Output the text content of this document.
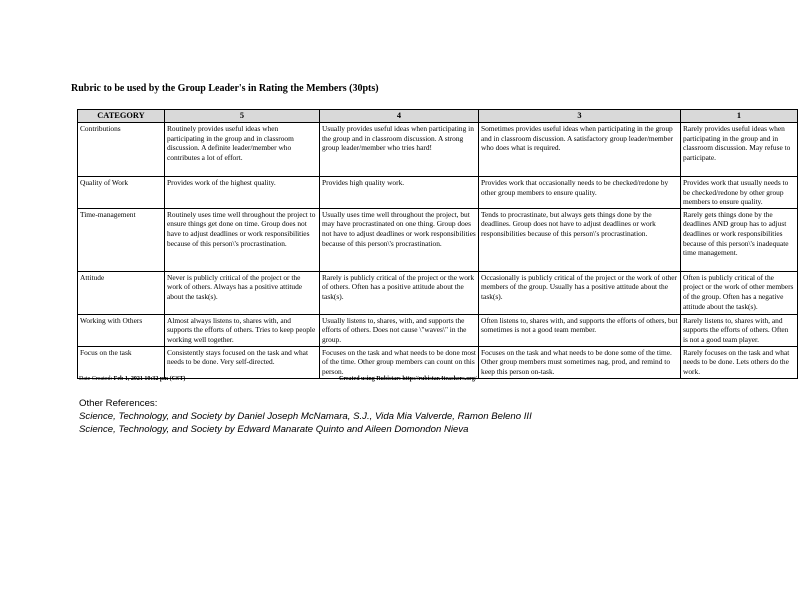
Rubric to be used by the Group Leader's in Rating the Members (30pts)
CATEGORY	5	4	3	1
Contributions	Routinely provides useful ideas when participating in the group and in classroom discussion. A definite leader/member who contributes a lot of effort.	Usually provides useful ideas when participating in the group and in classroom discussion. A strong group leader/member who tries hard!	Sometimes provides useful ideas when participating in the group and in classroom discussion. A satisfactory group leader/member who does what is required.	Rarely provides useful ideas when participating in the group and in classroom discussion. May refuse to participate.
Quality of Work	Provides work of the highest quality.	Provides high quality work.	Provides work that occasionally needs to be checked/redone by other group members to ensure quality.	Provides work that usually needs to be checked/redone by other group members to ensure quality.
Time-management	Routinely uses time well throughout the project to ensure things get done on time. Group does not have to adjust deadlines or work responsibilities because of this person\'s procrastination.	Usually uses time well throughout the project, but may have procrastinated on one thing. Group does not have to adjust deadlines or work responsibilities because of this person\'s procrastination.	Tends to procrastinate, but always gets things done by the deadlines. Group does not have to adjust deadlines or work responsibilities because of this person\'s procrastination.	Rarely gets things done by the deadlines AND group has to adjust deadlines or work responsibilities because of this person\'s inadequate time management.
Attitude	Never is publicly critical of the project or the work of others. Always has a positive attitude about the task(s).	Rarely is publicly critical of the project or the work of others. Often has a positive attitude about the task(s).	Occasionally is publicly critical of the project or the work of other members of the group. Usually has a positive attitude about the task(s).	Often is publicly critical of the project or the work of other members of the group. Often has a negative attitude about the task(s).
Working with Others	Almost always listens to, shares with, and supports the efforts of others. Tries to keep people working well together.	Usually listens to, shares, with, and supports the efforts of others. Does not cause \"waves\" in the group.	Often listens to, shares with, and supports the efforts of others, but sometimes is not a good team member.	Rarely listens to, shares with, and supports the efforts of others. Often is not a good team player.
Focus on the task	Consistently stays focused on the task and what needs to be done. Very self-directed.	Focuses on the task and what needs to be done most of the time. Other group members can count on this person.	Focuses on the task and what needs to be done some of the time. Other group members must sometimes nag, prod, and remind to keep this person on-task.	Rarely focuses on the task and what needs to be done. Lets others do the work.
Date Created: Feb 1, 2021 10:32 pm (CST)	Created using Rubistar: http://rubistar.4teachers.org/
Other References:
Science, Technology, and Society by Daniel Joseph McNamara, S.J., Vida Mia Valverde, Ramon Beleno III
Science, Technology, and Society by Edward Manarate Quinto and Aileen Domondon Nieva
